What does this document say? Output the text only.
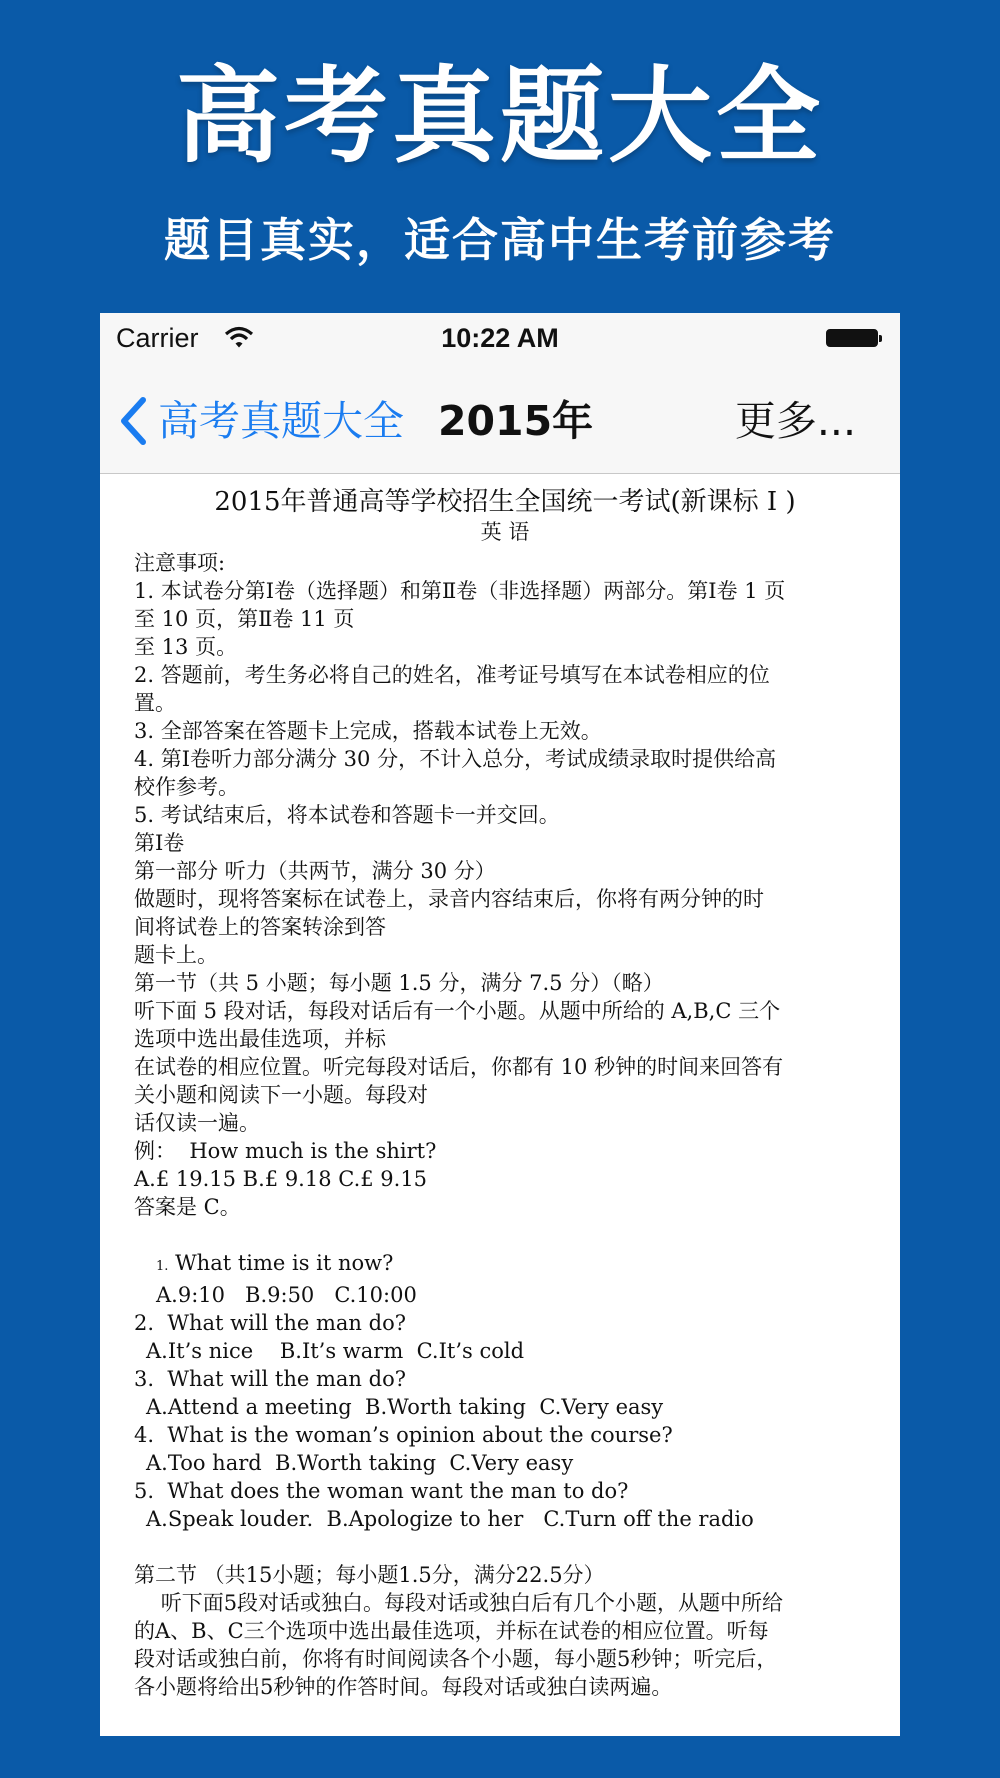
高考真题大全
题目真实，适合高中生考前参考
Carrier	10:22 AM
高考真题大全 2015年	更多...
2015年普通高等学校招生全国统一考试(新课标 I )
英 语
注意事项:
1. 本试卷分第Ⅰ卷（选择题）和第Ⅱ卷（非选择题）两部分。第Ⅰ卷 1 页
至 10 页，第Ⅱ卷 11 页
至 13 页。
2. 答题前，考生务必将自己的姓名，准考证号填写在本试卷相应的位
置。
3. 全部答案在答题卡上完成，搭载本试卷上无效。
4. 第Ⅰ卷听力部分满分 30 分，不计入总分，考试成绩录取时提供给高
校作参考。
5. 考试结束后，将本试卷和答题卡一并交回。
第Ⅰ卷
第一部分 听力（共两节，满分 30 分）
做题时，现将答案标在试卷上，录音内容结束后，你将有两分钟的时
间将试卷上的答案转涂到答
题卡上。
第一节（共 5 小题；每小题 1.5 分，满分 7.5 分）（略）
听下面 5 段对话，每段对话后有一个小题。从题中所给的 A,B,C 三个
选项中选出最佳选项，并标
在试卷的相应位置。听完每段对话后，你都有 10 秒钟的时间来回答有
关小题和阅读下一小题。每段对
话仅读一遍。
例：  How much is the shirt?
A.£ 19.15 B.£ 9.18 C.£ 9.15
答案是 C。
1. What time is it now?
A.9:10   B.9:50   C.10:00
2.  What will the man do?
A.It’s nice    B.It’s warm  C.It’s cold
3.  What will the man do?
A.Attend a meeting  B.Worth taking  C.Very easy
4.  What is the woman’s opinion about the course?
A.Too hard  B.Worth taking  C.Very easy
5.  What does the woman want the man to do?
A.Speak louder.  B.Apologize to her   C.Turn off the radio
第二节 （共15小题；每小题1.5分，满分22.5分）
听下面5段对话或独白。每段对话或独白后有几个小题，从题中所给
的A、B、C三个选项中选出最佳选项，并标在试卷的相应位置。听每
段对话或独白前，你将有时间阅读各个小题，每小题5秒钟；听完后，
各小题将给出5秒钟的作答时间。每段对话或独白读两遍。
